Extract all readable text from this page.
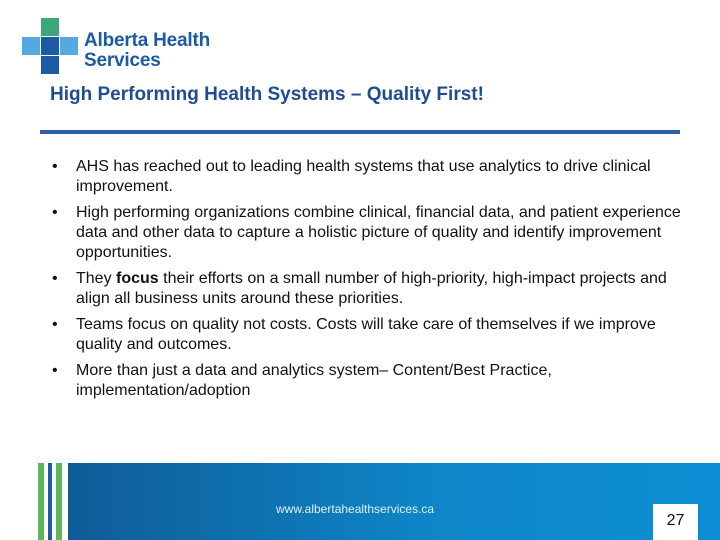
Alberta Health
Services
High Performing Health Systems – Quality First!
• AHS has reached out to leading health systems that use analytics to drive clinical improvement.
• High performing organizations combine clinical, financial data, and patient experience data and other data to capture a holistic picture of quality and identify improvement opportunities.
• They focus their efforts on a small number of high-priority, high-impact projects and align all business units around these priorities.
• Teams focus on quality not costs. Costs will take care of themselves if we improve quality and outcomes.
• More than just a data and analytics system– Content/Best Practice, implementation/adoption
www.albertahealthservices.ca
27
